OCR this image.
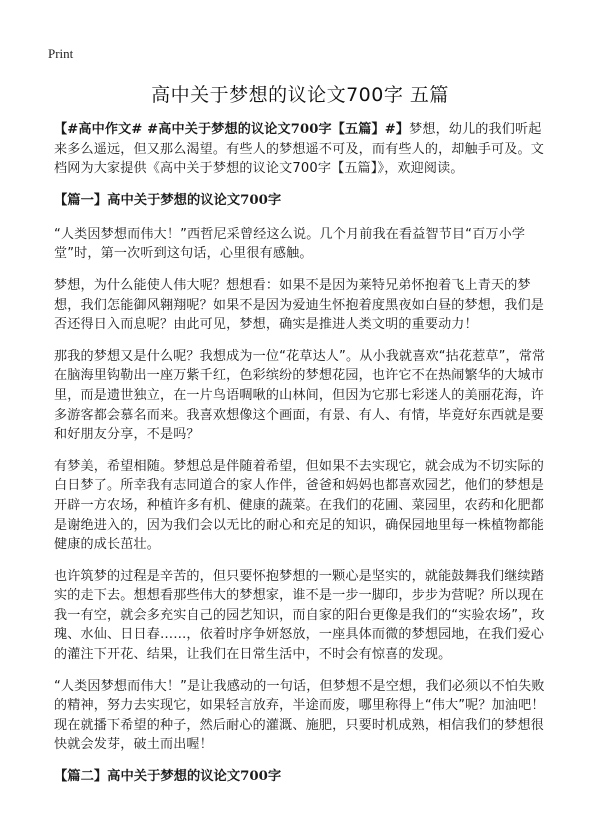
Print
高中关于梦想的议论文700字 五篇

【#高中作文# #高中关于梦想的议论文700字【五篇】#】梦想，幼儿的我们听起来多么遥远，但又那么渴望。有些人的梦想遥不可及，而有些人的，却触手可及。文档网为大家提供《高中关于梦想的议论文700字【五篇】》，欢迎阅读。

【篇一】高中关于梦想的议论文700字

“人类因梦想而伟大！”西哲尼采曾经这么说。几个月前我在看益智节目“百万小学堂”时，第一次听到这句话，心里很有感触。

梦想，为什么能使人伟大呢？想想看：如果不是因为莱特兄弟怀抱着飞上青天的梦想，我们怎能御风翱翔呢？如果不是因为爱迪生怀抱着度黑夜如白昼的梦想，我们是否还得日入而息呢？由此可见，梦想，确实是推进人类文明的重要动力！

那我的梦想又是什么呢？我想成为一位“花草达人”。从小我就喜欢“拈花惹草”，常常在脑海里钩勒出一座万紫千红，色彩缤纷的梦想花园，也许它不在热闹繁华的大城市里，而是遗世独立，在一片鸟语啁啾的山林间，但因为它那七彩迷人的美丽花海，许多游客都会慕名而来。我喜欢想像这个画面，有景、有人、有情，毕竟好东西就是要和好朋友分享，不是吗？

有梦美，希望相随。梦想总是伴随着希望，但如果不去实现它，就会成为不切实际的白日梦了。所幸我有志同道合的家人作伴，爸爸和妈妈也都喜欢园艺，他们的梦想是开辟一方农场，种植许多有机、健康的蔬菜。在我们的花圃、菜园里，农药和化肥都是谢绝进入的，因为我们会以无比的耐心和充足的知识，确保园地里每一株植物都能健康的成长茁壮。

也许筑梦的过程是辛苦的，但只要怀抱梦想的一颗心是坚实的，就能鼓舞我们继续踏实的走下去。想想看那些伟大的梦想家，谁不是一步一脚印，步步为营呢？所以现在我一有空，就会多充实自己的园艺知识，而自家的阳台更像是我们的“实验农场”，玫瑰、水仙、日日春……，依着时序争妍怒放，一座具体而微的梦想园地，在我们爱心的灌注下开花、结果，让我们在日常生活中，不时会有惊喜的发现。

“人类因梦想而伟大！”是让我感动的一句话，但梦想不是空想，我们必须以不怕失败的精神，努力去实现它，如果轻言放弃，半途而废，哪里称得上“伟大”呢？加油吧！现在就播下希望的种子，然后耐心的灌溉、施肥，只要时机成熟，相信我们的梦想很快就会发芽，破土而出喔！

【篇二】高中关于梦想的议论文700字
